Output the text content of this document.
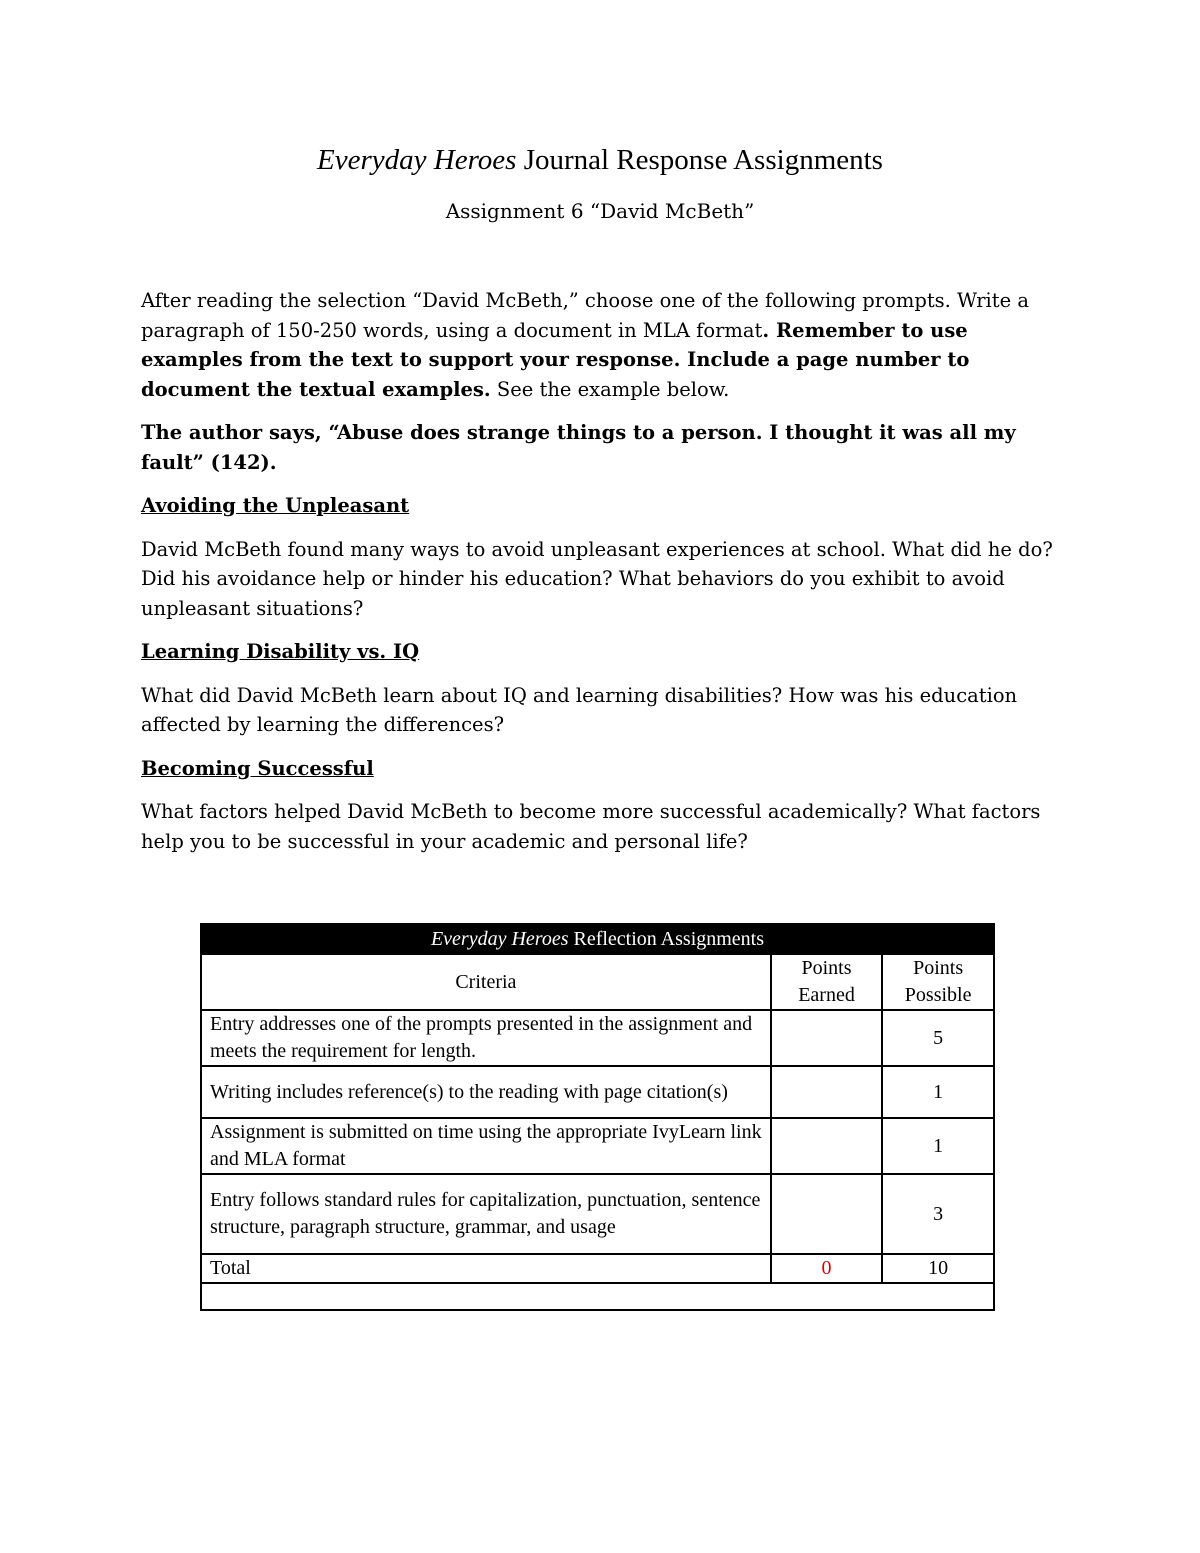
Everyday Heroes Journal Response Assignments
Assignment 6 “David McBeth”

After reading the selection “David McBeth,” choose one of the following prompts. Write a paragraph of 150-250 words, using a document in MLA format. Remember to use examples from the text to support your response. Include a page number to document the textual examples. See the example below.

The author says, “Abuse does strange things to a person. I thought it was all my fault” (142).

Avoiding the Unpleasant

David McBeth found many ways to avoid unpleasant experiences at school. What did he do? Did his avoidance help or hinder his education? What behaviors do you exhibit to avoid unpleasant situations?

Learning Disability vs. IQ

What did David McBeth learn about IQ and learning disabilities? How was his education affected by learning the differences?

Becoming Successful

What factors helped David McBeth to become more successful academically? What factors help you to be successful in your academic and personal life?

Everyday Heroes Reflection Assignments		
Criteria	Points Earned	Points Possible
Entry addresses one of the prompts presented in the assignment and meets the requirement for length.		5
Writing includes reference(s) to the reading with page citation(s)		1
Assignment is submitted on time using the appropriate IvyLearn link and MLA format		1
Entry follows standard rules for capitalization, punctuation, sentence structure, paragraph structure, grammar, and usage		3
Total	0	10
